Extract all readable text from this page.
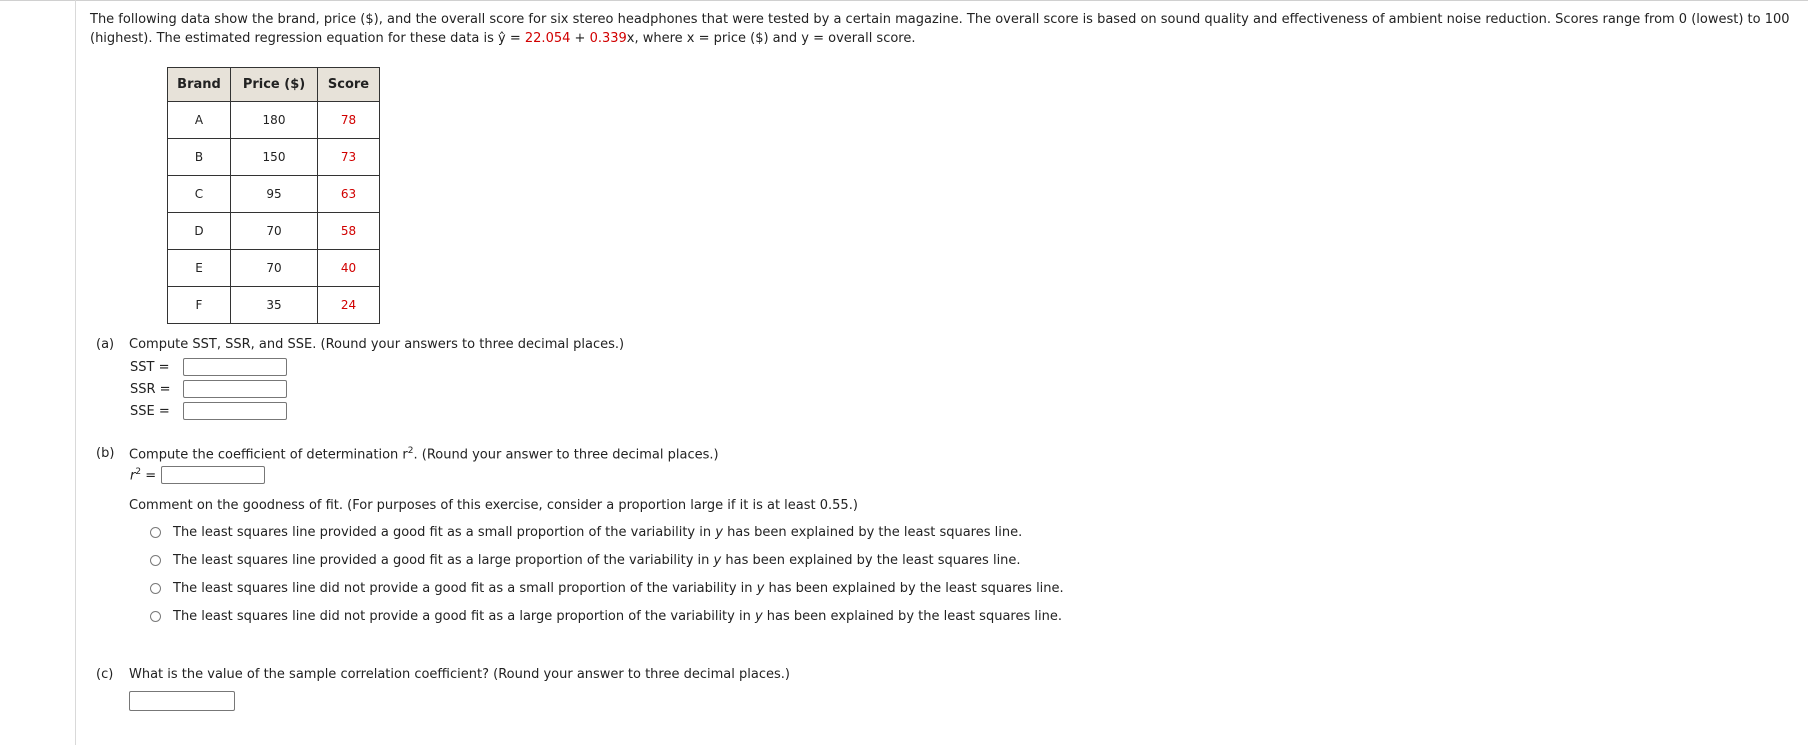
The following data show the brand, price ($), and the overall score for six stereo headphones that were tested by a certain magazine. The overall score is based on sound quality and effectiveness of ambient noise reduction. Scores range from 0 (lowest) to 100
(highest). The estimated regression equation for these data is ŷ = 22.054 + 0.339x, where x = price ($) and y = overall score.

Brand	Price ($)	Score
A	180	78
B	150	73
C	95	63
D	70	58
E	70	40
F	35	24
(a) Compute SST, SSR, and SSE. (Round your answers to three decimal places.)
SST =
SSR =
SSE =
(b) Compute the coefficient of determination $r^2$. (Round your answer to three decimal places.)
$r^2$ =
Comment on the goodness of fit. (For purposes of this exercise, consider a proportion large if it is at least 0.55.)
The least squares line provided a good fit as a small proportion of the variability in y has been explained by the least squares line.
The least squares line provided a good fit as a large proportion of the variability in y has been explained by the least squares line.
The least squares line did not provide a good fit as a small proportion of the variability in y has been explained by the least squares line.
The least squares line did not provide a good fit as a large proportion of the variability in y has been explained by the least squares line.
(c) What is the value of the sample correlation coefficient? (Round your answer to three decimal places.)
